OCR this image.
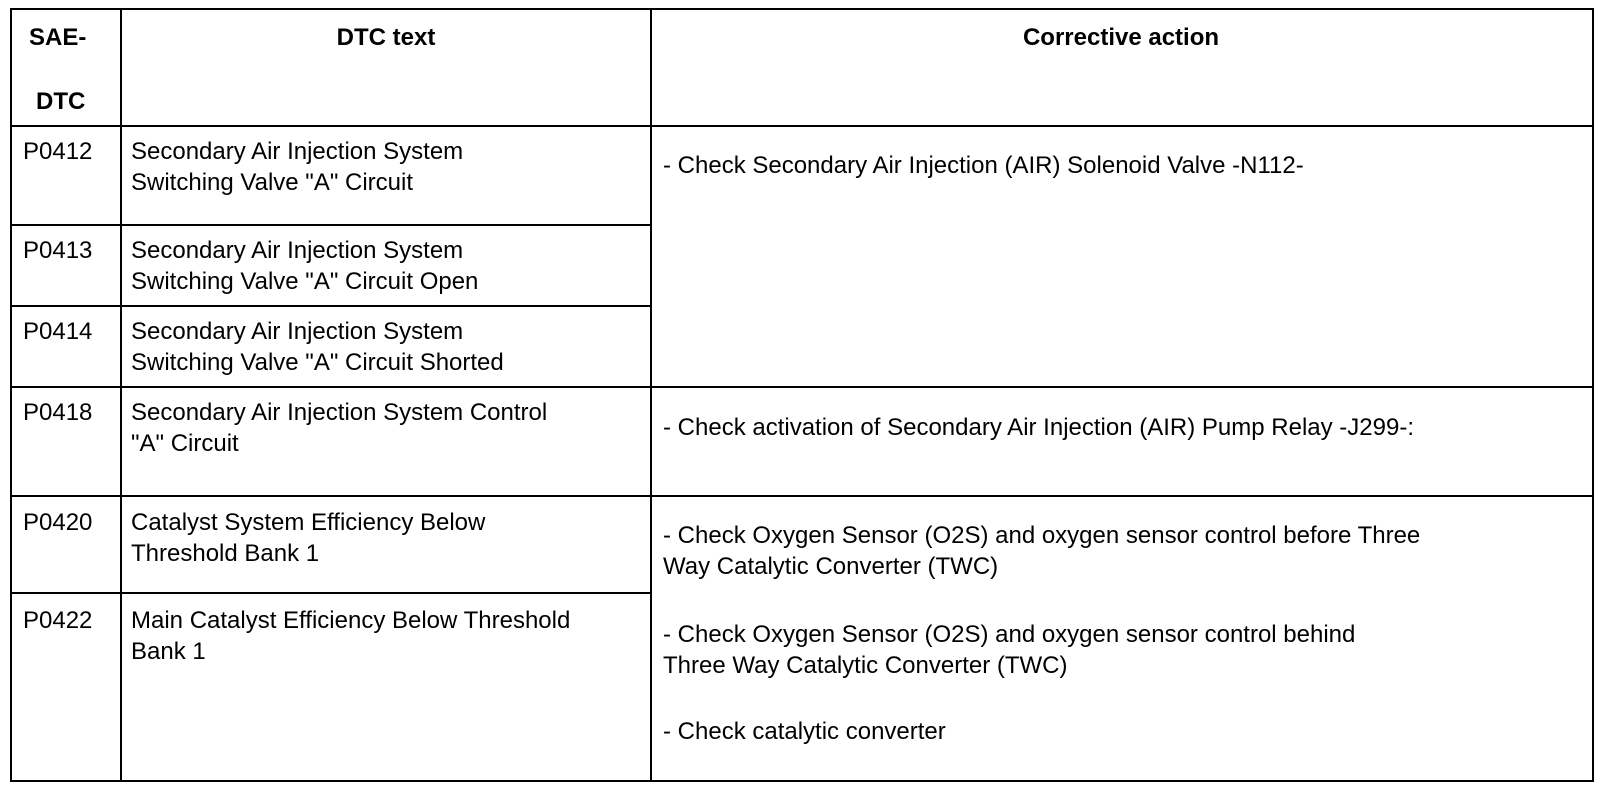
SAE-
DTC
DTC text	Corrective action
P0412 Secondary Air Injection System
Switching Valve "A" Circuit
P0413 Secondary Air Injection System
Switching Valve "A" Circuit Open
P0414 Secondary Air Injection System
Switching Valve "A" Circuit Shorted
- Check Secondary Air Injection (AIR) Solenoid Valve -N112-
P0418 Secondary Air Injection System Control
"A" Circuit
- Check activation of Secondary Air Injection (AIR) Pump Relay -J299-:
P0420 Catalyst System Efficiency Below
Threshold Bank 1
P0422 Main Catalyst Efficiency Below Threshold
Bank 1
- Check Oxygen Sensor (O2S) and oxygen sensor control before Three
Way Catalytic Converter (TWC)
- Check Oxygen Sensor (O2S) and oxygen sensor control behind
Three Way Catalytic Converter (TWC)
- Check catalytic converter
